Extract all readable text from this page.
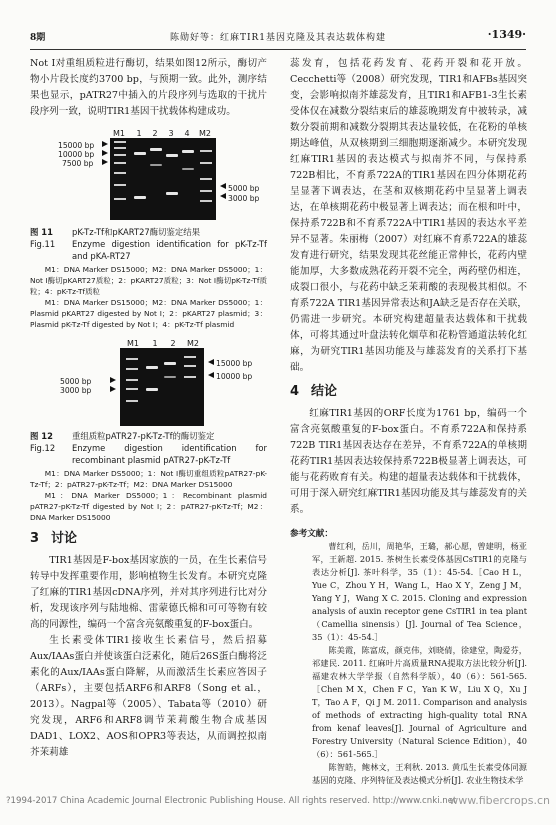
8期	陈勋好等：红麻TIR1基因克隆及其表达载体构建	·1349·

Not I对重组质粒进行酶切，结果如图12所示，酶切产物小片段长度约3700 bp，与预期一致。此外，测序结果也显示，pATR27中插入的片段序列与选取的干扰片段序列一致，说明TIR1基因干扰载体构建成功。

M1	1	2	3	4	M2
15000 bp
10000 bp
7500 bp
5000 bp
3000 bp
图 11	pK-Tz-Tf和pKART27酶切鉴定结果
Fig.11	Enzyme digestion identification for pK-Tz-Tf and pKA-RT27

M1：DNA Marker DS15000；M2：DNA Marker DS5000；1：Not I酶切pKART27质粒；2：pKART27质粒；3：Not I酶切pK-Tz-Tf质粒；4：pK-Tz-Tf质粒

M1：DNA Marker DS15000；M2：DNA Marker DS5000；1：Plasmid pKART27 digested by Not I；2：pKART27 plasmid；3：Plasmid pK-Tz-Tf digested by Not I；4：pK-Tz-Tf plasmid

M1	1	2	M2
5000 bp
3000 bp
15000 bp
10000 bp
图 12	重组质粒pATR27-pK-Tz-Tf的酶切鉴定
Fig.12	Enzyme digestion identification for recombinant plasmid pATR27-pK-Tz-Tf

M1：DNA Marker DS5000；1：Not I酶切重组质粒pATR27-pK-Tz-Tf；2：pATR27-pK-Tz-Tf；M2：DNA Marker DS15000

M1：DNA Marker DS5000；1：Recombinant plasmid pATR27-pK-Tz-Tf digested by Not I；2：pATR27-pK-Tz-Tf；M2：DNA Marker DS15000

3 讨论

TIR1基因是F-box基因家族的一员，在生长素信号转导中发挥重要作用，影响植物生长发育。本研究克隆了红麻的TIR1基因cDNA序列，并对其序列进行比对分析，发现该序列与陆地棉、雷蒙德氏棉和可可等物有较高的同源性，编码一个富含亮氨酸重复的F-box蛋白。

生长素受体TIR1接收生长素信号，然后招募Aux/IAAs蛋白并使该蛋白泛素化，随后26S蛋白酶将泛素化的Aux/IAAs蛋白降解，从而激活生长素应答因子（ARFs），主要包括ARF6和ARF8（Song et al.，2013）。Nagpal等（2005）、Tabata等（2010）研究发现，ARF6和ARF8调节茉莉酸生物合成基因DAD1、LOX2、AOS和OPR3等表达，从而调控拟南芥茉莉雄

蕊发育，包括花药发育、花药开裂和花开放。Cecchetti等（2008）研究发现，TIR1和AFBs基因突变，会影响拟南芥雄蕊发育，且TIR1和AFB1-3生长素受体仅在减数分裂结束后的雄蕊晚期发育中被转录，减数分裂前期和减数分裂期其表达量较低，在花粉的单核期达峰值，从双核期到三细胞期逐渐减少。本研究发现红麻TIR1基因的表达模式与拟南芥不同，与保持系722B相比，不育系722A的TIR1基因在四分体期花药呈显著下调表达，在茎和双核期花药中呈显著上调表达，在单核期花药中极显著上调表达；而在根和叶中，保持系722B和不育系722A中TIR1基因的表达水平差异不显著。朱丽梅（2007）对红麻不育系722A的雄蕊发育进行研究，结果发现其花丝能正常伸长，花药内壁能加厚，大多数成熟花药开裂不完全，两药壁仍相连，成裂口很小，与花药中缺乏茉莉酸的表现极其相似。不育系722A TIR1基因异常表达和JA缺乏是否存在关联，仍需进一步研究。本研究构建超量表达载体和干扰载体，可将其通过叶盘法转化烟草和花粉管通道法转化红麻，为研究TIR1基因功能及与雄蕊发育的关系打下基础。

4 结论

红麻TIR1基因的ORF长度为1761 bp，编码一个富含亮氨酸重复的F-box蛋白。不育系722A和保持系722B TIR1基因表达存在差异，不育系722A的单核期花药TIR1基因表达较保持系722B极显著上调表达，可能与花药败育有关。构建的超量表达载体和干扰载体，可用于深入研究红麻TIR1基因功能及其与雄蕊发育的关系。

参考文献：

曹红利，岳川，周艳华，王璐，郝心愿，曾建明，杨亚军，王新超. 2015. 茶树生长素受体基因CsTIR1的克隆与表达分析[J]. 茶叶科学，35（1）：45-54.［Cao H L，Yue C，Zhou Y H，Wang L，Hao X Y，Zeng J M，Yang Y J，Wang X C. 2015. Cloning and expression analysis of auxin receptor gene CsTIR1 in tea plant（Camellia sinensis）[J]. Journal of Tea Science，35（1）：45-54.］

陈美霞，陈富成，颜克伟，刘晓倩，徐建堂，陶爱芬，祁建民. 2011. 红麻叶片高质量RNA提取方法比较分析[J]. 福建农林大学学报（自然科学版），40（6）：561-565.［Chen M X，Chen F C，Yan K W，Liu X Q，Xu J T，Tao A F，Qi J M. 2011. Comparison and analysis of methods of extracting high-quality total RNA from kenaf leaves[J]. Journal of Agriculture and Forestry University（Natural Science Edition），40（6）：561-565.］

陈智皓，鲍林文，王利秋. 2013. 黄瓜生长素受体同源基因的克隆、序列特征及表达模式分析[J]. 农业生物技术学

?1994-2017 China Academic Journal Electronic Publishing House. All rights reserved. http://www.cnki.net
www.fibercrops.cn
